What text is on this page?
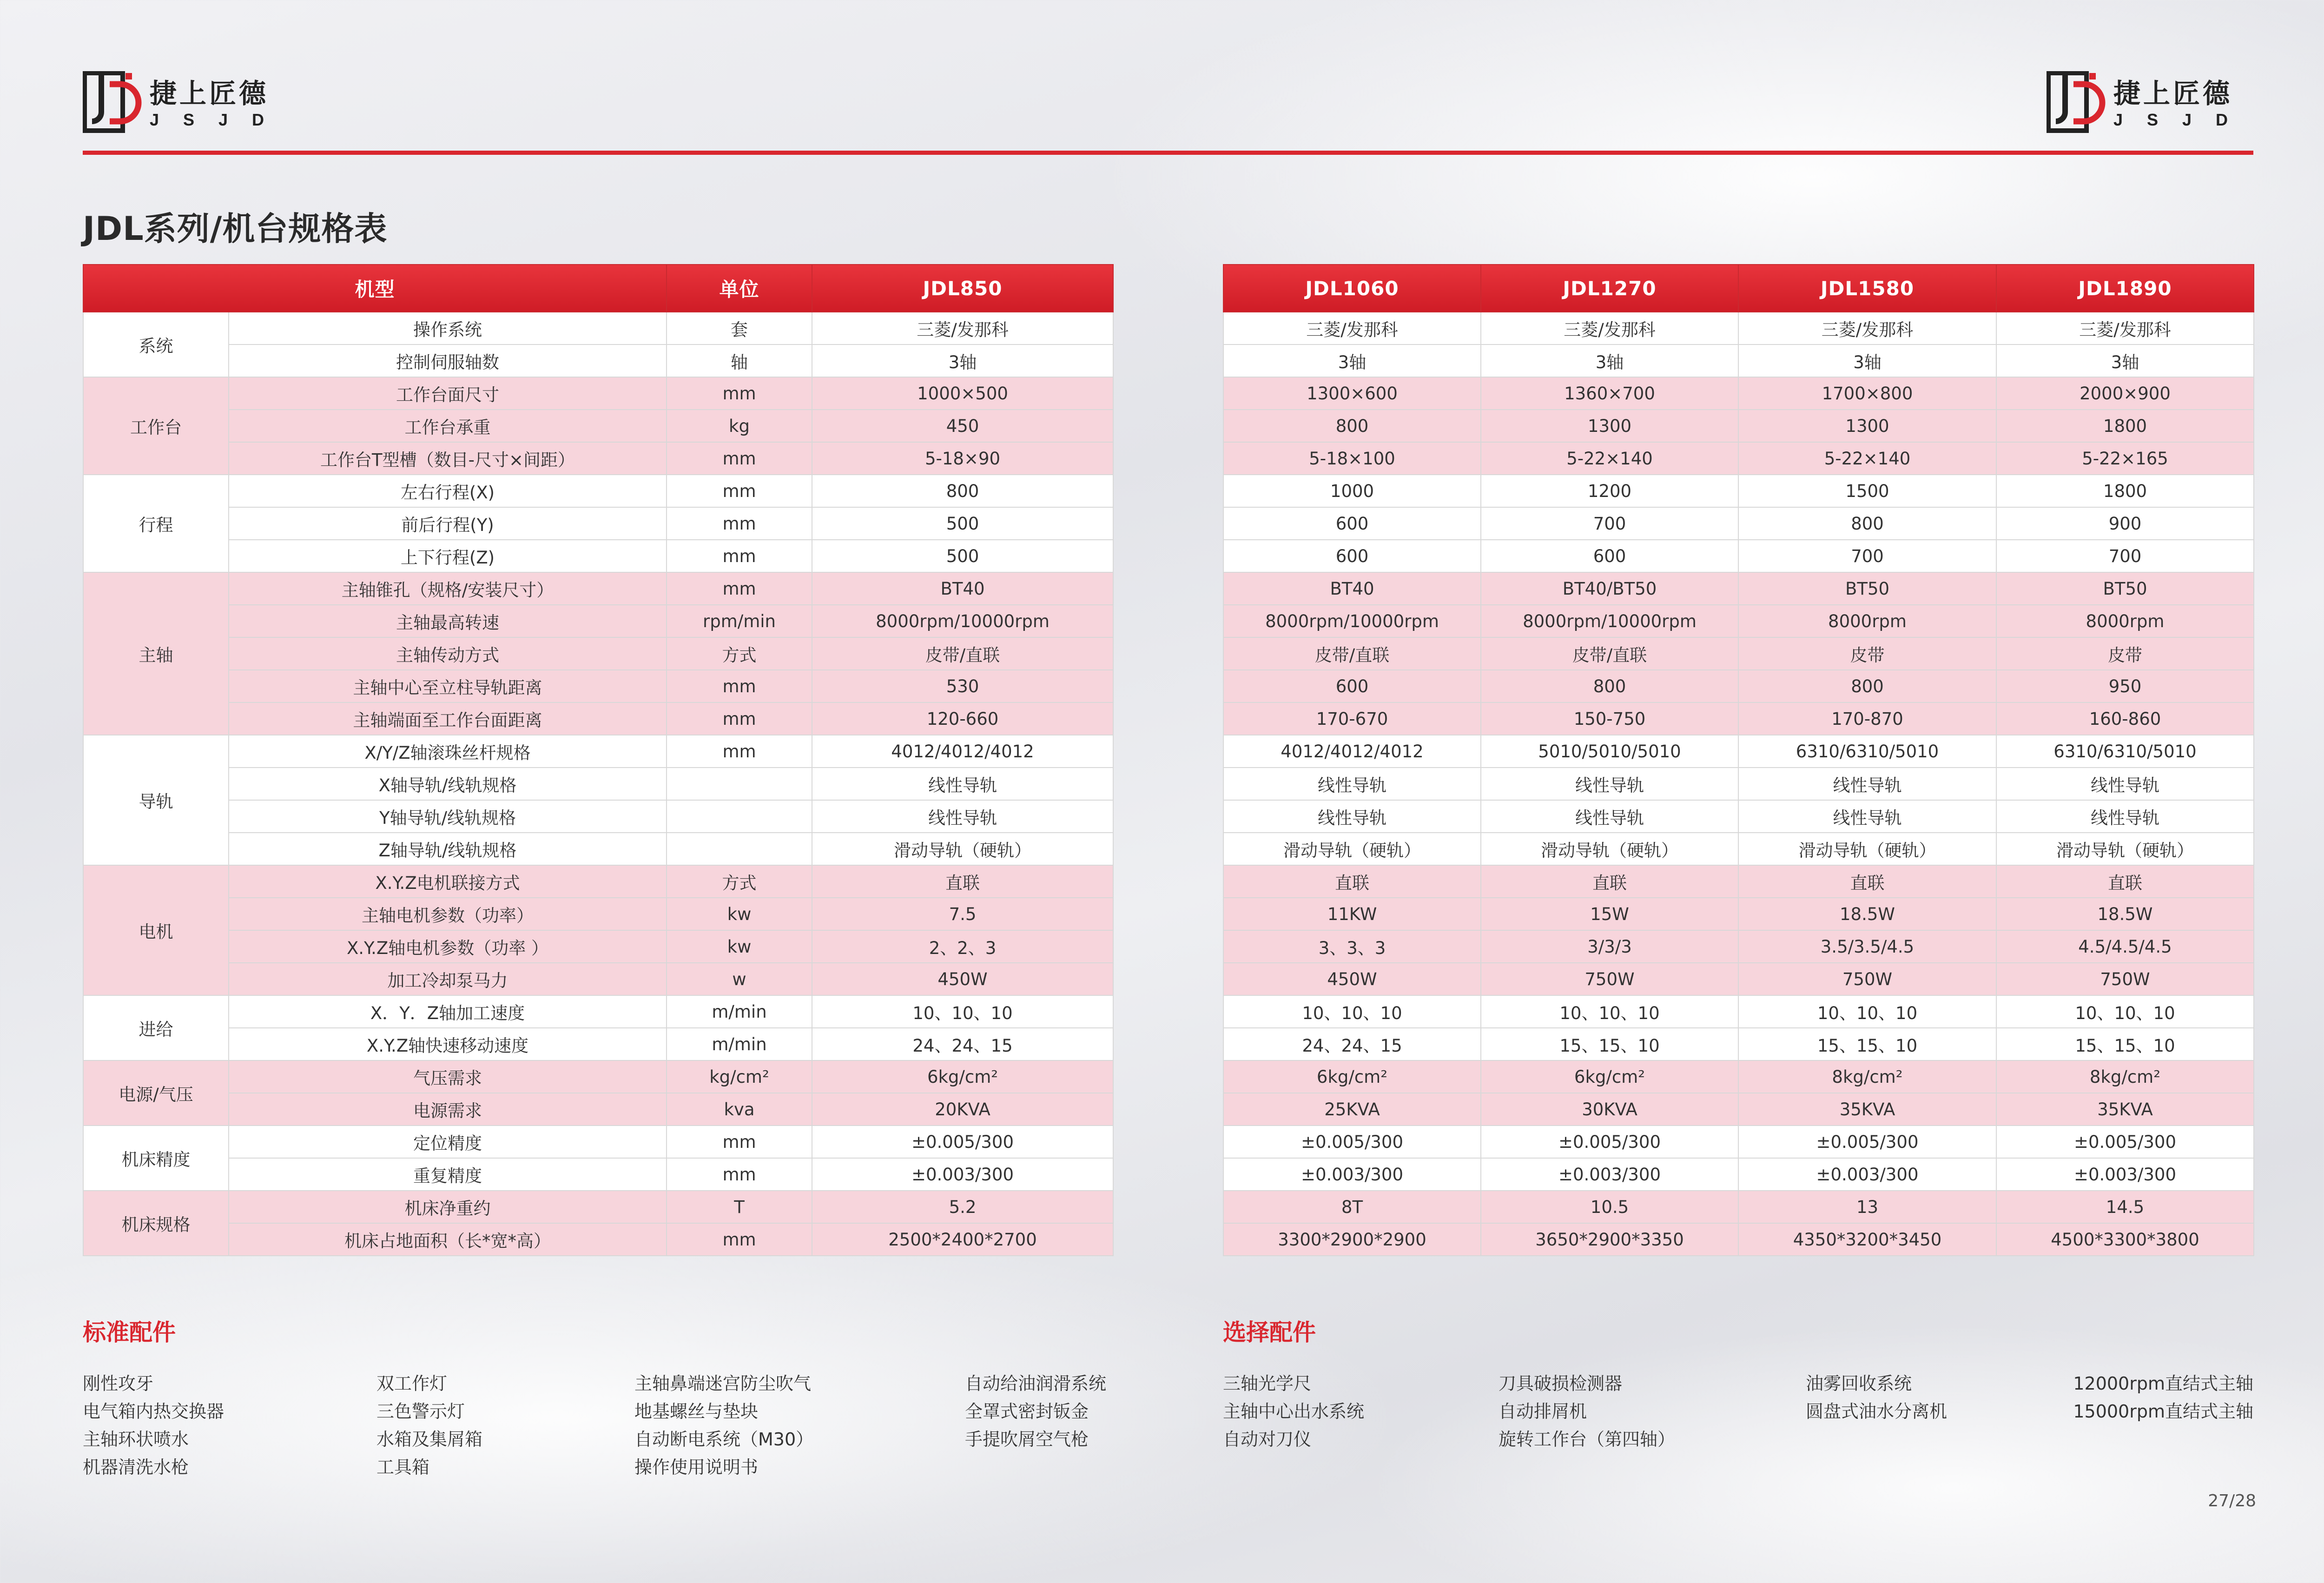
捷上匠德
JSJD
捷上匠德
JSJD
JDL系列/机台规格表
机型		单位	JDL850
系统	操作系统	套	三菱/发那科
	控制伺服轴数	轴	3轴
工作台	工作台面尺寸	mm	1000×500
	工作台承重	kg	450
	工作台T型槽（数目-尺寸×间距）	mm	5-18×90
行程	左右行程(X)	mm	800
	前后行程(Y)	mm	500
	上下行程(Z)	mm	500
主轴	主轴锥孔（规格/安装尺寸）	mm	BT40
	主轴最高转速	rpm/min	8000rpm/10000rpm
	主轴传动方式	方式	皮带/直联
	主轴中心至立柱导轨距离	mm	530
	主轴端面至工作台面距离	mm	120-660
导轨	X/Y/Z轴滚珠丝杆规格	mm	4012/4012/4012
	X轴导轨/线轨规格		线性导轨
	Y轴导轨/线轨规格		线性导轨
	Z轴导轨/线轨规格		滑动导轨（硬轨）
电机	X.Y.Z电机联接方式	方式	直联
	主轴电机参数（功率）	kw	7.5
	X.Y.Z轴电机参数（功率 ）	kw	2、2、3
	加工冷却泵马力	w	450W
进给	X．Y．Z轴加工速度	m/min	10、10、10
	X.Y.Z轴快速移动速度	m/min	24、24、15
电源/气压	气压需求	kg/cm²	6kg/cm²
	电源需求	kva	20KVA
机床精度	定位精度	mm	±0.005/300
	重复精度	mm	±0.003/300
机床规格	机床净重约	T	5.2
	机床占地面积（长*宽*高）	mm	2500*2400*2700
JDL1060	JDL1270	JDL1580	JDL1890
三菱/发那科	三菱/发那科	三菱/发那科	三菱/发那科
3轴	3轴	3轴	3轴
1300×600	1360×700	1700×800	2000×900
800	1300	1300	1800
5-18×100	5-22×140	5-22×140	5-22×165
1000	1200	1500	1800
600	700	800	900
600	600	700	700
BT40	BT40/BT50	BT50	BT50
8000rpm/10000rpm	8000rpm/10000rpm	8000rpm	8000rpm
皮带/直联	皮带/直联	皮带	皮带
600	800	800	950
170-670	150-750	170-870	160-860
4012/4012/4012	5010/5010/5010	6310/6310/5010	6310/6310/5010
线性导轨	线性导轨	线性导轨	线性导轨
线性导轨	线性导轨	线性导轨	线性导轨
滑动导轨（硬轨）	滑动导轨（硬轨）	滑动导轨（硬轨）	滑动导轨（硬轨）
直联	直联	直联	直联
11KW	15W	18.5W	18.5W
3、3、3	3/3/3	3.5/3.5/4.5	4.5/4.5/4.5
450W	750W	750W	750W
10、10、10	10、10、10	10、10、10	10、10、10
24、24、15	15、15、10	15、15、10	15、15、10
6kg/cm²	6kg/cm²	8kg/cm²	8kg/cm²
25KVA	30KVA	35KVA	35KVA
±0.005/300	±0.005/300	±0.005/300	±0.005/300
±0.003/300	±0.003/300	±0.003/300	±0.003/300
8T	10.5	13	14.5
3300*2900*2900	3650*2900*3350	4350*3200*3450	4500*3300*3800
标准配件
刚性攻牙
电气箱内热交换器
主轴环状喷水
机器清洗水枪
双工作灯
三色警示灯
水箱及集屑箱
工具箱
主轴鼻端迷宫防尘吹气
地基螺丝与垫块
自动断电系统（M30）
操作使用说明书
自动给油润滑系统
全罩式密封钣金
手提吹屑空气枪
选择配件
三轴光学尺
主轴中心出水系统
自动对刀仪
刀具破损检测器
自动排屑机
旋转工作台（第四轴）
油雾回收系统
圆盘式油水分离机
12000rpm直结式主轴
15000rpm直结式主轴
27/28
